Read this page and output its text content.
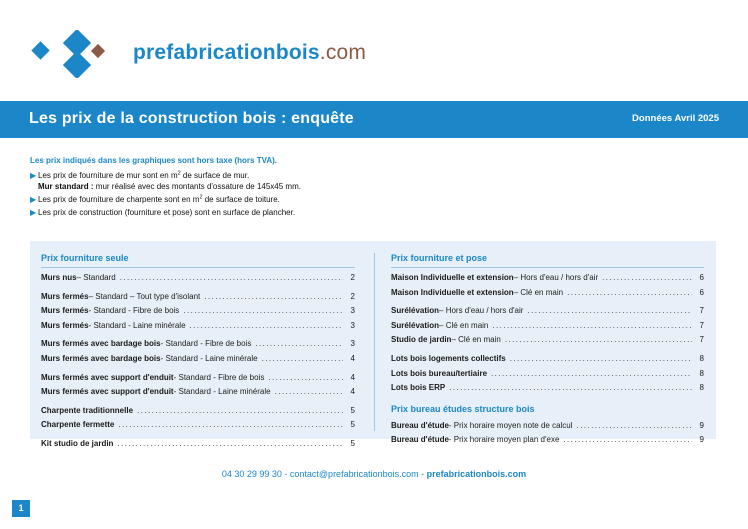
prefabricationbois.com
Les prix de la construction bois : enquête	Données Avril 2025
Les prix indiqués dans les graphiques sont hors taxe (hors TVA).
▶ Les prix de fourniture de mur sont en $m^2$ de surface de mur.
Mur standard : mur réalisé avec des montants d'ossature de 145x45 mm.
▶ Les prix de fourniture de charpente sont en $m^2$ de surface de toiture.
▶ Les prix de construction (fourniture et pose) sont en surface de plancher.
Prix fourniture seule
Murs nus – Standard . . .	2
Murs fermés – Standard – Tout type d'isolant . . .	2
Murs fermés - Standard - Fibre de bois . . .	3
Murs fermés - Standard - Laine minérale . . .	3
Murs fermés avec bardage bois - Standard - Fibre de bois . . .	3
Murs fermés avec bardage bois - Standard - Laine minérale . . .	4
Murs fermés avec support d'enduit - Standard - Fibre de bois . . .	4
Murs fermés avec support d'enduit - Standard - Laine minérale . . .	4
Charpente traditionnelle . . .	5
Charpente fermette . . .	5
Kit studio de jardin . . .	5
Prix fourniture et pose
Maison Individuelle et extension – Hors d'eau / hors d'air . . .	6
Maison Individuelle et extension – Clé en main . . .	6
Surélévation – Hors d'eau / hors d'air . . .	7
Surélévation – Clé en main . . .	7
Studio de jardin – Clé en main . . .	7
Lots bois logements collectifs . . .	8
Lots bois bureau/tertiaire . . .	8
Lots bois ERP . . .	8
Prix bureau études structure bois
Bureau d'étude - Prix horaire moyen note de calcul . . .	9
Bureau d'étude - Prix horaire moyen plan d'exe . . .	9
04 30 29 99 30 - contact@prefabricationbois.com - prefabricationbois.com
1
